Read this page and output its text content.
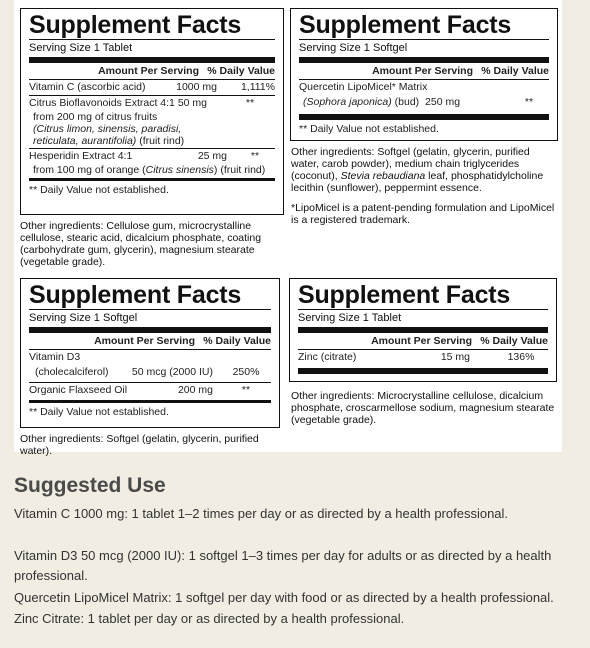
Supplement Facts
Serving Size 1 Tablet
Amount Per Serving % Daily Value
Vitamin C (ascorbic acid)	1000 mg	1,111%
Citrus Bioflavonoids Extract 4:1 50 mg	**
from 200 mg of citrus fruits
(Citrus limon, sinensis, paradisi,
reticulata, aurantifolia) (fruit rind)
Hesperidin Extract 4:1	25 mg	**
from 100 mg of orange (Citrus sinensis) (fruit rind)
** Daily Value not established.
Other ingredients: Cellulose gum, microcrystalline cellulose, stearic acid, dicalcium phosphate, coating (carbohydrate gum, glycerin), magnesium stearate (vegetable grade).
Supplement Facts
Serving Size 1 Softgel
Amount Per Serving % Daily Value
Quercetin LipoMicel* Matrix
(Sophora japonica) (bud) 250 mg	**
** Daily Value not established.
Other ingredients: Softgel (gelatin, glycerin, purified water, carob powder), medium chain triglycerides (coconut), Stevia rebaudiana leaf, phosphatidylcholine lecithin (sunflower), peppermint essence.
*LipoMicel is a patent-pending formulation and LipoMicel is a registered trademark.
Supplement Facts
Serving Size 1 Softgel
Amount Per Serving % Daily Value
Vitamin D3
(cholecalciferol)	50 mcg (2000 IU)	250%
Organic Flaxseed Oil	200 mg	**
** Daily Value not established.
Other ingredients: Softgel (gelatin, glycerin, purified water).
Supplement Facts
Serving Size 1 Tablet
Amount Per Serving % Daily Value
Zinc (citrate)	15 mg	136%
Other ingredients: Microcrystalline cellulose, dicalcium phosphate, croscarmellose sodium, magnesium stearate (vegetable grade).
Suggested Use
Vitamin C 1000 mg: 1 tablet 1–2 times per day or as directed by a health professional.
Vitamin D3 50 mcg (2000 IU): 1 softgel 1–3 times per day for adults or as directed by a health professional.
Quercetin LipoMicel Matrix: 1 softgel per day with food or as directed by a health professional.
Zinc Citrate: 1 tablet per day or as directed by a health professional.
